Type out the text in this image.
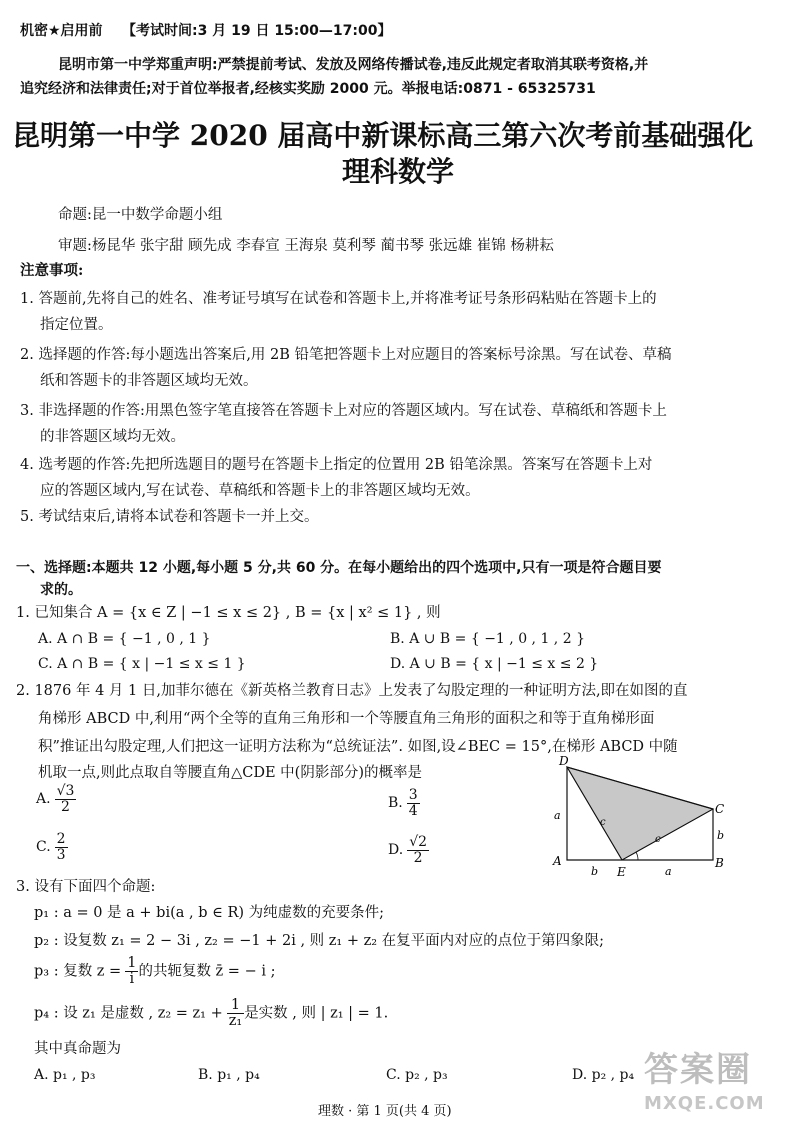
机密★启用前 【考试时间:3 月 19 日 15:00—17:00】
昆明市第一中学郑重声明:严禁提前考试、发放及网络传播试卷,违反此规定者取消其联考资格,并
追究经济和法律责任;对于首位举报者,经核实奖励 2000 元。举报电话:0871 - 65325731
昆明第一中学 2020 届高中新课标高三第六次考前基础强化
理科数学
命题:昆一中数学命题小组
审题:杨昆华 张宇甜 顾先成 李春宣 王海泉 莫利琴 蔺书琴 张远雄 崔锦 杨耕耘
注意事项:
1. 答题前,先将自己的姓名、准考证号填写在试卷和答题卡上,并将准考证号条形码粘贴在答题卡上的
指定位置。
2. 选择题的作答:每小题选出答案后,用 2B 铅笔把答题卡上对应题目的答案标号涂黑。写在试卷、草稿
纸和答题卡的非答题区域均无效。
3. 非选择题的作答:用黑色签字笔直接答在答题卡上对应的答题区域内。写在试卷、草稿纸和答题卡上
的非答题区域均无效。
4. 选考题的作答:先把所选题目的题号在答题卡上指定的位置用 2B 铅笔涂黑。答案写在答题卡上对
应的答题区域内,写在试卷、草稿纸和答题卡上的非答题区域均无效。
5. 考试结束后,请将本试卷和答题卡一并上交。
一、选择题:本题共 12 小题,每小题 5 分,共 60 分。在每小题给出的四个选项中,只有一项是符合题目要
求的。
1. 已知集合 A = {x ∈ Z | −1 ≤ x ≤ 2} , B = {x | x² ≤ 1} , 则
A. A ∩ B = { −1 , 0 , 1 }	B. A ∪ B = { −1 , 0 , 1 , 2 }
C. A ∩ B = { x | −1 ≤ x ≤ 1 }	D. A ∪ B = { x | −1 ≤ x ≤ 2 }
2. 1876 年 4 月 1 日,加菲尔德在《新英格兰教育日志》上发表了勾股定理的一种证明方法,即在如图的直
角梯形 ABCD 中,利用“两个全等的直角三角形和一个等腰直角三角形的面积之和等于直角梯形面
积”推证出勾股定理,人们把这一证明方法称为“总统证法”. 如图,设∠BEC = 15°,在梯形 ABCD 中随
机取一点,则此点取自等腰直角△CDE 中(阴影部分)的概率是
A. $\frac{√3}{2}$	B. $\frac{3}{4}$
C. $\frac{2}{3}$	D. $\frac{√2}{2}$
D
C
A	B
E
a
b
b	a
c
c
3. 设有下面四个命题:
p₁ : a = 0 是 a + bi(a , b ∈ R) 为纯虚数的充要条件;
p₂ : 设复数 z₁ = 2 − 3i , z₂ = −1 + 2i , 则 z₁ + z₂ 在复平面内对应的点位于第四象限;
p₃ : 复数 $z = \frac{1}{i}$ 的共轭复数 z̄ = − i ;
p₄ : 设 z₁ 是虚数 , $z_2 = z_1 + \frac{1}{\text{z₁}}$ 是实数 , 则 | z₁ | = 1.
其中真命题为
A. p₁ , p₃	B. p₁ , p₄	C. p₂ , p₃	D. p₂ , p₄
理数 · 第 1 页(共 4 页)
答案圈
MXQE.COM
